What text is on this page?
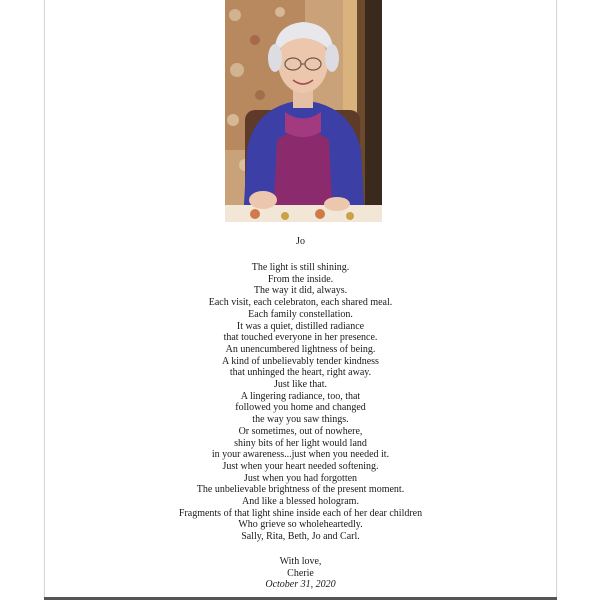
Jo
The light is still shining.
From the inside.
The way it did, always.
Each visit, each celebraton, each shared meal.
Each family constellation.
It was a quiet, distilled radiance
that touched everyone in her presence.
An unencumbered lightness of being.
A kind of unbelievably tender kindness
that unhinged the heart, right away.
Just like that.
A lingering radiance, too, that
followed you home and changed
the way you saw things.
Or sometimes, out of nowhere,
shiny bits of her light would land
in your awareness...just when you needed it.
Just when your heart needed softening.
Just when you had forgotten
The unbelievable brightness of the present moment.
And like a blessed hologram.
Fragments of that light shine inside each of her dear children
Who grieve so wholeheartedly.
Sally, Rita, Beth, Jo and Carl.
With love,
Cherie
October 31, 2020
